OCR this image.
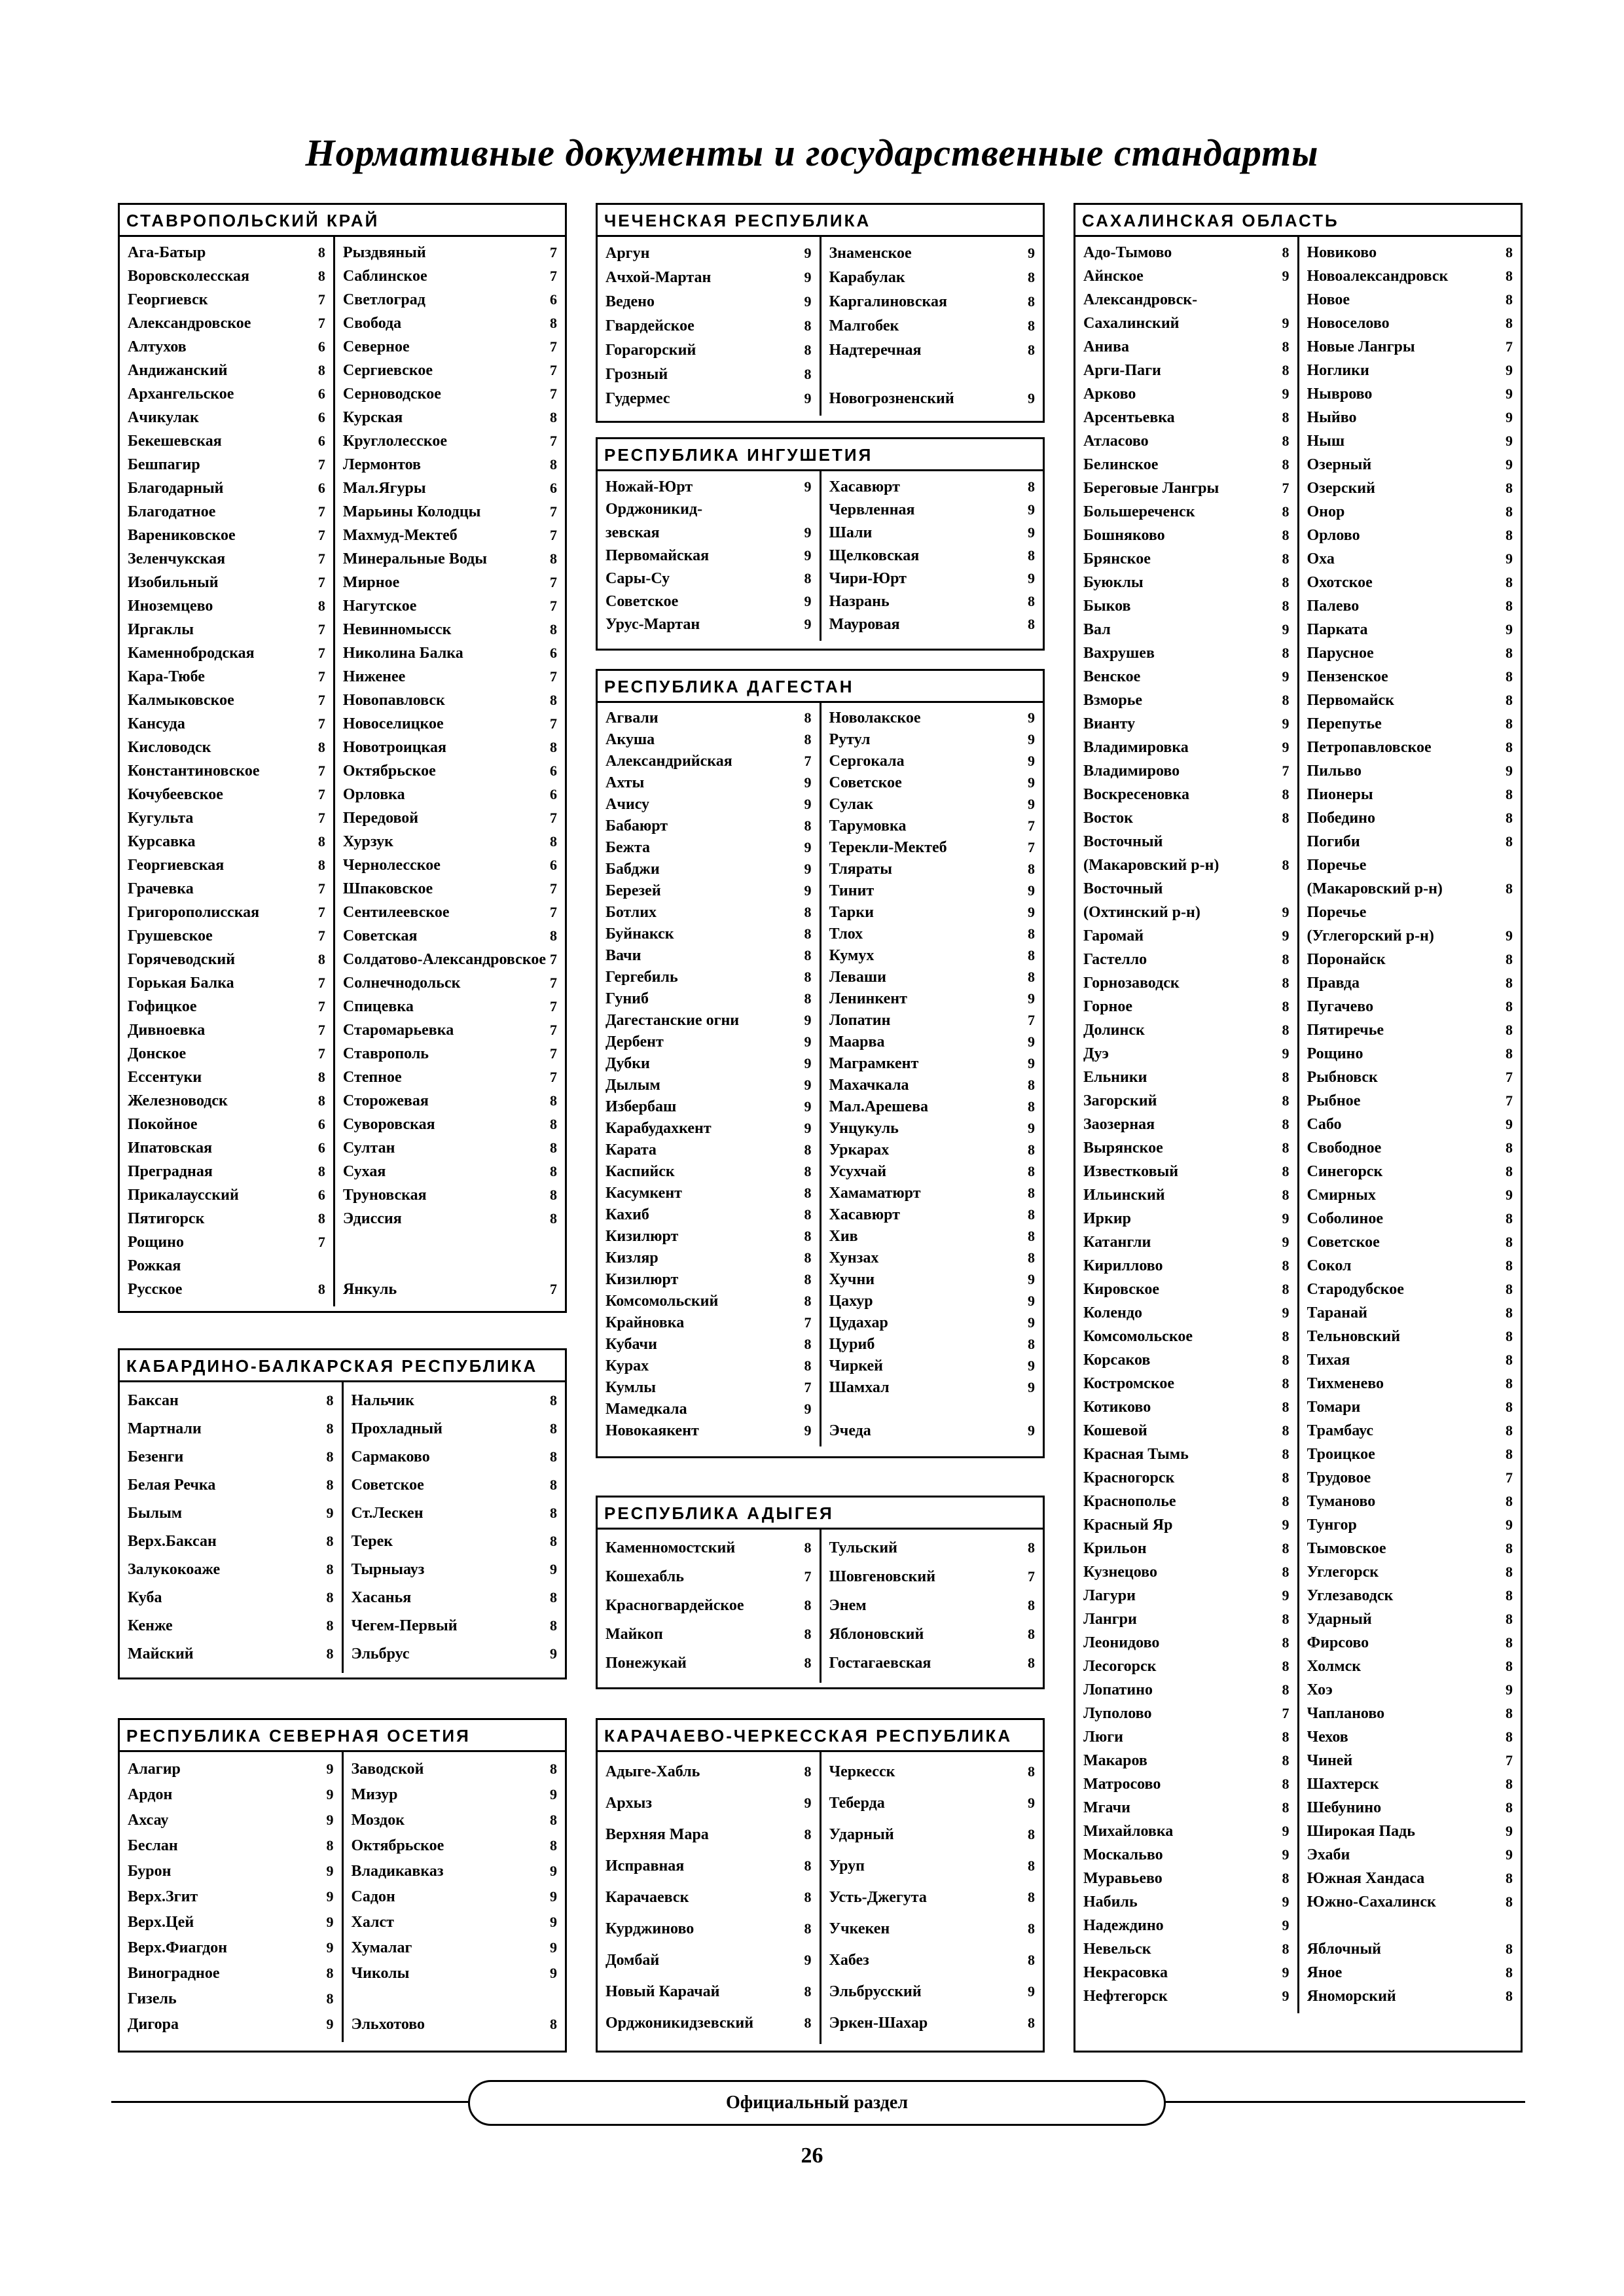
Нормативные документы и государственные стандарты
СТАВРОПОЛЬСКИЙ КРАЙ
Ага-Батыр	8
Воровсколесская	8
Георгиевск	7
Александровское	7
Алтухов	6
Андижанский	8
Архангельское	6
Ачикулак	6
Бекешевская	6
Бешпагир	7
Благодарный	6
Благодатное	7
Варениковское	7
Зеленчукская	7
Изобильный	7
Иноземцево	8
Иргаклы	7
Каменнобродская	7
Кара-Тюбе	7
Калмыковское	7
Кансуда	7
Кисловодск	8
Константиновское	7
Кочубеевское	7
Кугульта	7
Курсавка	8
Георгиевская	8
Грачевка	7
Григорополисская	7
Грушевское	7
Горячеводский	8
Горькая Балка	7
Гофицкое	7
Дивноевка	7
Донское	7
Ессентуки	8
Железноводск	8
Покойное	6
Ипатовская	6
Преградная	8
Прикалаусский	6
Пятигорск	8
Рощино	7
Рожкая
Русское	8
Рыздвяный	7
Саблинское	7
Светлоград	6
Свобода	8
Северное	7
Сергиевское	7
Серноводское	7
Курская	8
Круглолесское	7
Лермонтов	8
Мал.Ягуры	6
Марьины Колодцы	7
Махмуд-Мектеб	7
Минеральные Воды	8
Мирное	7
Нагутское	7
Невинномысск	8
Николина Балка	6
Ниженее	7
Новопавловск	8
Новоселицкое	7
Новотроицкая	8
Октябрьское	6
Орловка	6
Передовой	7
Хурзук	8
Чернолесское	6
Шпаковское	7
Сентилеевское	7
Советская	8
Солдатово-Александровское 7
Солнечнодольск	7
Спицевка	7
Старомарьевка	7
Ставрополь	7
Степное	7
Сторожевая	8
Суворовская	8
Султан	8
Сухая	8
Труновская	8
Эдиссия	8

Янкуль	7
КАБАРДИНО-БАЛКАРСКАЯ РЕСПУБЛИКА
Баксан	8
Мартнали	8
Безенги	8
Белая Речка	8
Былым	9
Верх.Баксан	8
Залукокоаже	8
Куба	8
Кенже	8
Майский	8
Нальчик	8
Прохладный	8
Сармаково	8
Советское	8
Ст.Лескен	8
Терек	8
Тырныауз	9
Хасанья	8
Чегем-Первый	8
Эльбрус	9
РЕСПУБЛИКА СЕВЕРНАЯ ОСЕТИЯ
Алагир	9
Ардон	9
Ахсау	9
Беслан	8
Бурон	9
Верх.Згит	9
Верх.Цей	9
Верх.Фиагдон	9
Виноградное	8
Гизель	8
Дигора	9
Заводской	8
Мизур	9
Моздок	8
Октябрьское	8
Владикавказ	9
Садон	9
Халст	9
Хумалаг	9
Чиколы	9

Эльхотово	8
ЧЕЧЕНСКАЯ РЕСПУБЛИКА
Аргун	9
Ачхой-Мартан	9
Ведено	9
Гвардейское	8
Горагорский	8
Грозный	8
Гудермес	9
Знаменское	9
Карабулак	8
Каргалиновская	8
Малгобек	8
Надтеречная	8

Новогрозненский	9
РЕСПУБЛИКА ИНГУШЕТИЯ
Ножай-Юрт	9
Орджоникид-
зевская	9
Первомайская	9
Сары-Су	8
Советское	9
Урус-Мартан	9
Хасавюрт	8
Червленная	9
Шали	9
Щелковская	8
Чири-Юрт	9
Назрань	8
Мауровая	8
РЕСПУБЛИКА ДАГЕСТАН
Агвали	8
Акуша	8
Александрийская	7
Ахты	9
Ачису	9
Бабаюрт	8
Бежта	9
Бабджи	9
Березей	9
Ботлих	8
Буйнакск	8
Вачи	8
Гергебиль	8
Гуниб	8
Дагестанские огни	9
Дербент	9
Дубки	9
Дылым	9
Избербаш	9
Карабудахкент	9
Карата	8
Каспийск	8
Касумкент	8
Кахиб	8
Кизилюрт	8
Кизляр	8
Кизилюрт	8
Комсомольский	8
Крайновка	7
Кубачи	8
Курах	8
Кумлы	7
Мамедкала	9
Новокаякент	9
Новолакское	9
Рутул	9
Сергокала	9
Советское	9
Сулак	9
Тарумовка	7
Терекли-Мектеб	7
Тляраты	8
Тинит	9
Тарки	9
Тлох	8
Кумух	8
Леваши	8
Ленинкент	9
Лопатин	7
Маарва	9
Маграмкент	9
Махачкала	8
Мал.Арешева	8
Унцукуль	9
Уркарах	8
Усухчай	8
Хамаматюрт	8
Хасавюрт	8
Хив	8
Хунзах	8
Хучни	9
Цахур	9
Цудахар	9
Цуриб	8
Чиркей	9
Шамхал	9

Эчеда	9
РЕСПУБЛИКА АДЫГЕЯ
Каменномостский	8
Кошехабль	7
Красногвардейское	8
Майкоп	8
Понежукай	8
Тульский	8
Шовгеновский	7
Энем	8
Яблоновский	8
Гостагаевская	8
КАРАЧАЕВО-ЧЕРКЕССКАЯ РЕСПУБЛИКА
Адыге-Хабль	8
Архыз	9
Верхняя Мара	8
Исправная	8
Карачаевск	8
Курджиново	8
Домбай	9
Новый Карачай	8
Орджоникидзевский	8
Черкесск	8
Теберда	9
Ударный	8
Уруп	8
Усть-Джегута	8
Учкекен	8
Хабез	8
Эльбрусский	9
Эркен-Шахар	8
САХАЛИНСКАЯ ОБЛАСТЬ
Адо-Тымово	8
Айнское	9
Александровск-
Сахалинский	9
Анива	8
Арги-Паги	8
Арково	9
Арсентьевка	8
Атласово	8
Белинское	8
Береговые Лангры	7
Большереченск	8
Бошняково	8
Брянское	8
Буюклы	8
Быков	8
Вал	9
Вахрушев	8
Венское	9
Взморье	8
Вианту	9
Владимировка	9
Владимирово	7
Воскресеновка	8
Восток	8
Восточный
(Макаровский р-н)	8
Восточный
(Охтинский р-н)	9
Гаромай	9
Гастелло	8
Горнозаводск	8
Горное	8
Долинск	8
Дуэ	9
Ельники	8
Загорский	8
Заозерная	8
Вырянское	8
Известковый	8
Ильинский	8
Иркир	9
Катангли	9
Кириллово	8
Кировское	8
Колендо	9
Комсомольское	8
Корсаков	8
Костромское	8
Котиково	8
Кошевой	8
Красная Тымь	8
Красногорск	8
Краснополье	8
Красный Яр	9
Крильон	8
Кузнецово	8
Лагури	9
Лангри	8
Леонидово	8
Лесогорск	8
Лопатино	8
Луполово	7
Люги	8
Макаров	8
Матросово	8
Мгачи	8
Михайловка	9
Москальво	9
Муравьево	8
Набиль	9
Надеждино	9
Невельск	8
Некрасовка	9
Нефтегорск	9
Новиково	8
Новоалександровск	8
Новое	8
Новоселово	8
Новые Лангры	7
Ноглики	9
Ныврово	9
Ныйво	9
Ныш	9
Озерный	9
Озерский	8
Онор	8
Орлово	8
Оха	9
Охотское	8
Палево	8
Парката	9
Парусное	8
Пензенское	8
Первомайск	8
Перепутье	8
Петропавловское	8
Пильво	9
Пионеры	8
Победино	8
Погиби	8
Поречье
(Макаровский р-н)	8
Поречье
(Углегорский р-н)	9
Поронайск	8
Правда	8
Пугачево	8
Пятиречье	8
Рощино	8
Рыбновск	7
Рыбное	7
Сабо	9
Свободное	8
Синегорск	8
Смирных	9
Соболиное	8
Советское	8
Сокол	8
Стародубское	8
Таранай	8
Тельновский	8
Тихая	8
Тихменево	8
Томари	8
Трамбаус	8
Троицкое	8
Трудовое	7
Туманово	8
Тунгор	9
Тымовское	8
Углегорск	8
Углезаводск	8
Ударный	8
Фирсово	8
Холмск	8
Хоэ	9
Чапланово	8
Чехов	8
Чиней	7
Шахтерск	8
Шебунино	8
Широкая Падь	9
Эхаби	9
Южная Хандаса	8
Южно-Сахалинск	8

Яблочный	8
Яное	8
Яноморский	8
Официальный раздел
26
